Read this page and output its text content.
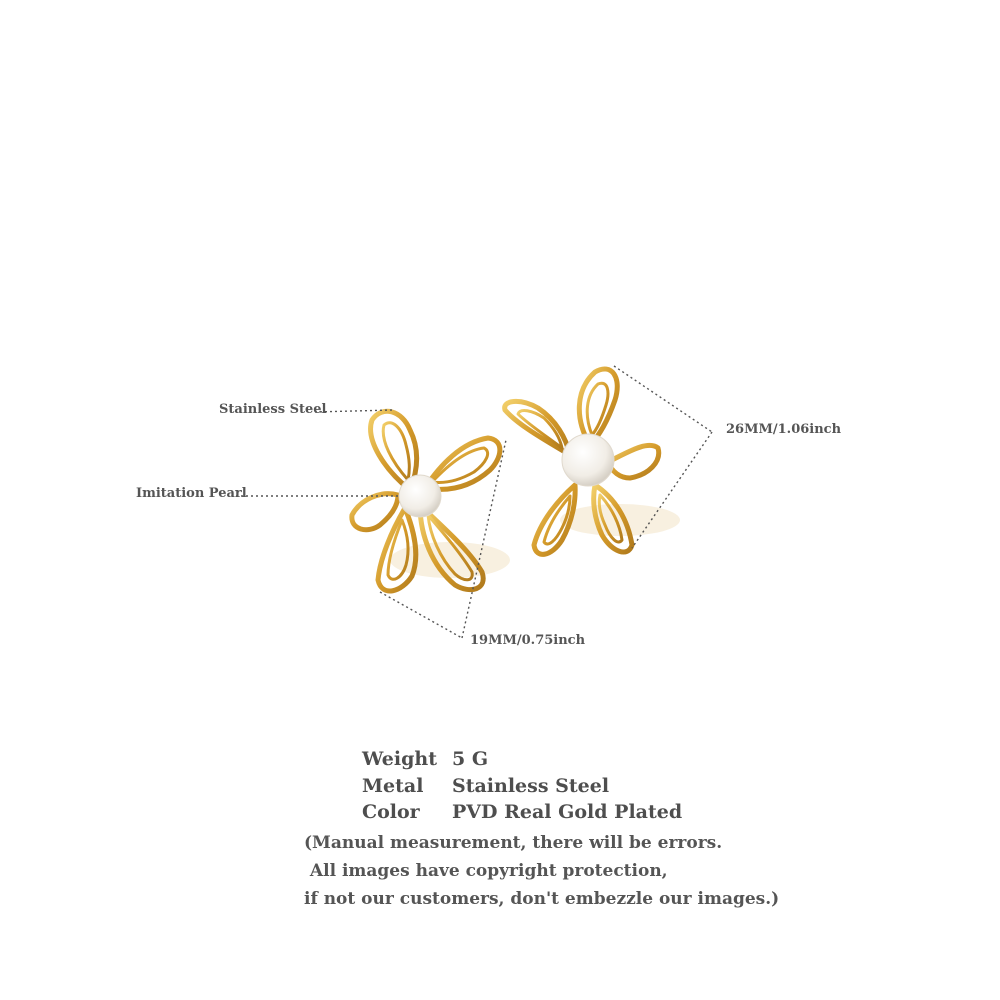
Stainless Steel
Imitation Pearl
26MM/1.06inch
19MM/0.75inch
Weight 5 G
Metal Stainless Steel
Color PVD Real Gold Plated
(Manual measurement, there will be errors.
All images have copyright protection,
if not our customers, don't embezzle our images.)
